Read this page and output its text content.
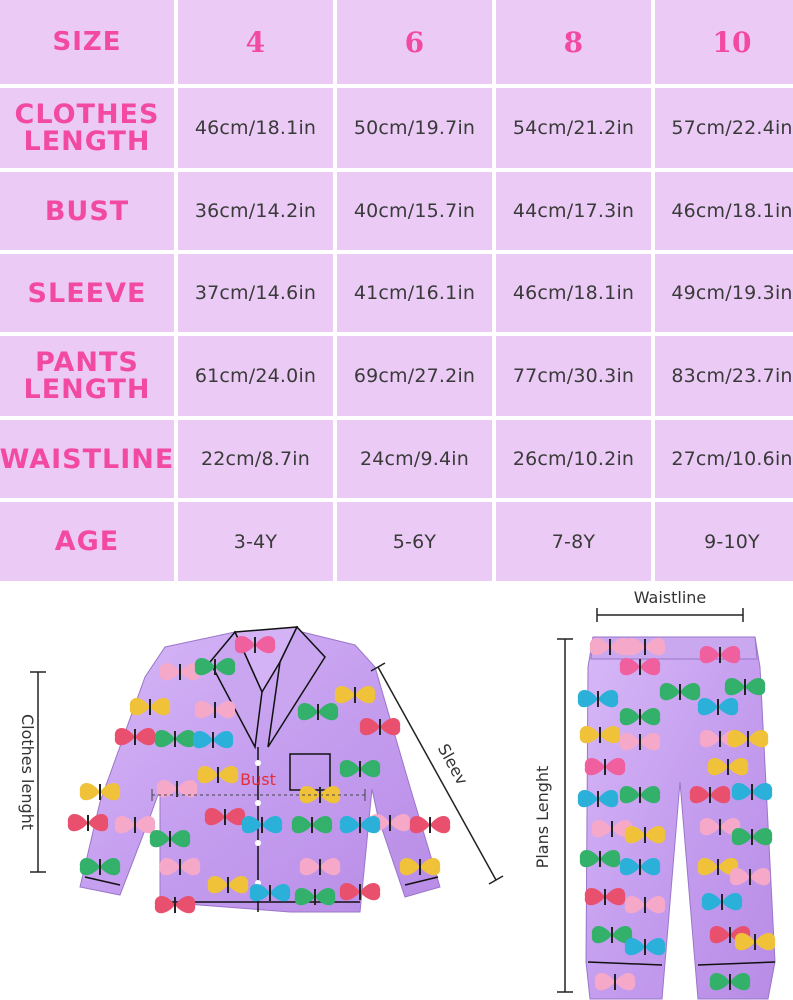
SIZE	4	6	8	10
CLOTHES
LENGTH	46cm/18.1in 50cm/19.7in 54cm/21.2in 57cm/22.4in
BUST	36cm/14.2in 40cm/15.7in 44cm/17.3in 46cm/18.1in
SLEEVE	37cm/14.6in 41cm/16.1in 46cm/18.1in 49cm/19.3in
PANTS
LENGTH 61cm/24.0in 69cm/27.2in 77cm/30.3in 83cm/23.7in
WAISTLINE 22cm/8.7in	24cm/9.4in 26cm/10.2in 27cm/10.6in
AGE	3-4Y	5-6Y	7-8Y	9-10Y
Clothes lenght	Bust	Sleev
Waistline
Plans Lenght
